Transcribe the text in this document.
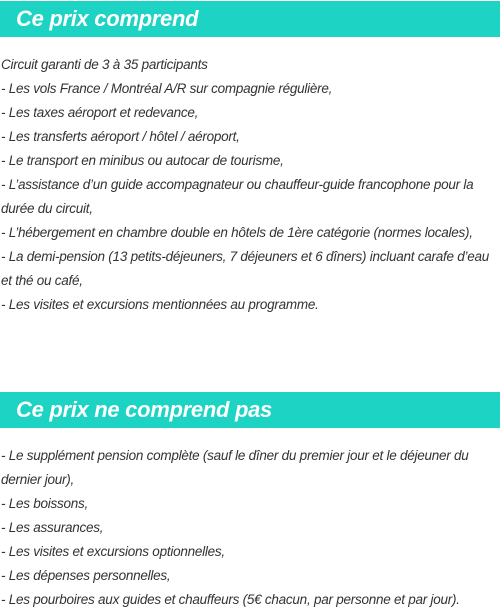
Ce prix comprend
Circuit garanti de 3 à 35 participants
- Les vols France / Montréal A/R sur compagnie régulière,
- Les taxes aéroport et redevance,
- Les transferts aéroport / hôtel / aéroport,
- Le transport en minibus ou autocar de tourisme,
- L’assistance d’un guide accompagnateur ou chauffeur-guide francophone pour la durée du circuit,
- L’hébergement en chambre double en hôtels de 1ère catégorie (normes locales),
- La demi-pension (13 petits-déjeuners, 7 déjeuners et 6 dîners) incluant carafe d’eau et thé ou café,
- Les visites et excursions mentionnées au programme.
Ce prix ne comprend pas
- Le supplément pension complète (sauf le dîner du premier jour et le déjeuner du dernier jour),
- Les boissons,
- Les assurances,
- Les visites et excursions optionnelles,
- Les dépenses personnelles,
- Les pourboires aux guides et chauffeurs (5€ chacun, par personne et par jour).
